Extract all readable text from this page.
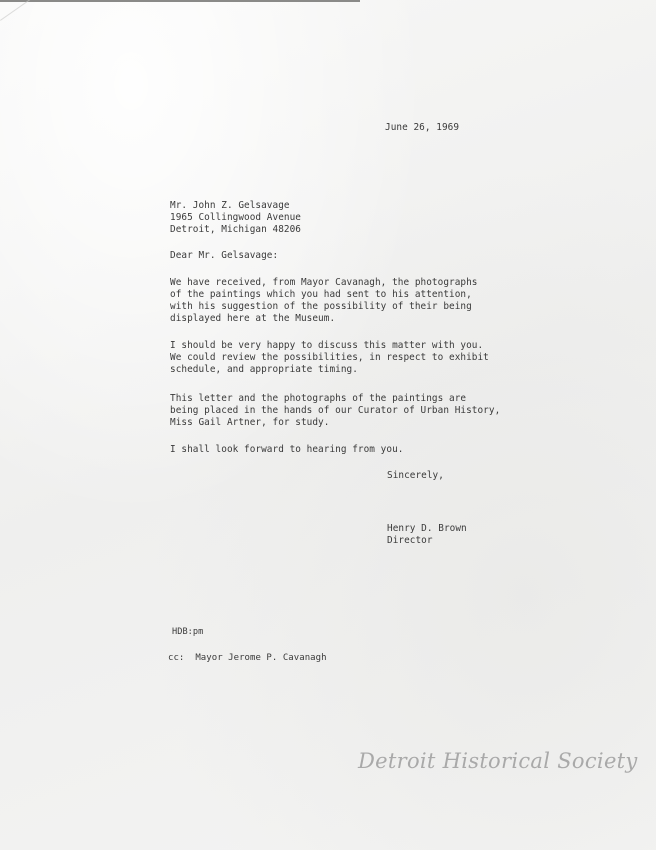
June 26, 1969
Mr. John Z. Gelsavage
1965 Collingwood Avenue
Detroit, Michigan 48206
Dear Mr. Gelsavage:
We have received, from Mayor Cavanagh, the photographs
of the paintings which you had sent to his attention,
with his suggestion of the possibility of their being
displayed here at the Museum.
I should be very happy to discuss this matter with you.
We could review the possibilities, in respect to exhibit
schedule, and appropriate timing.
This letter and the photographs of the paintings are
being placed in the hands of our Curator of Urban History,
Miss Gail Artner, for study.
I shall look forward to hearing from you.
Sincerely,
Henry D. Brown
Director
HDB:pm
cc:  Mayor Jerome P. Cavanagh
Detroit Historical Society
